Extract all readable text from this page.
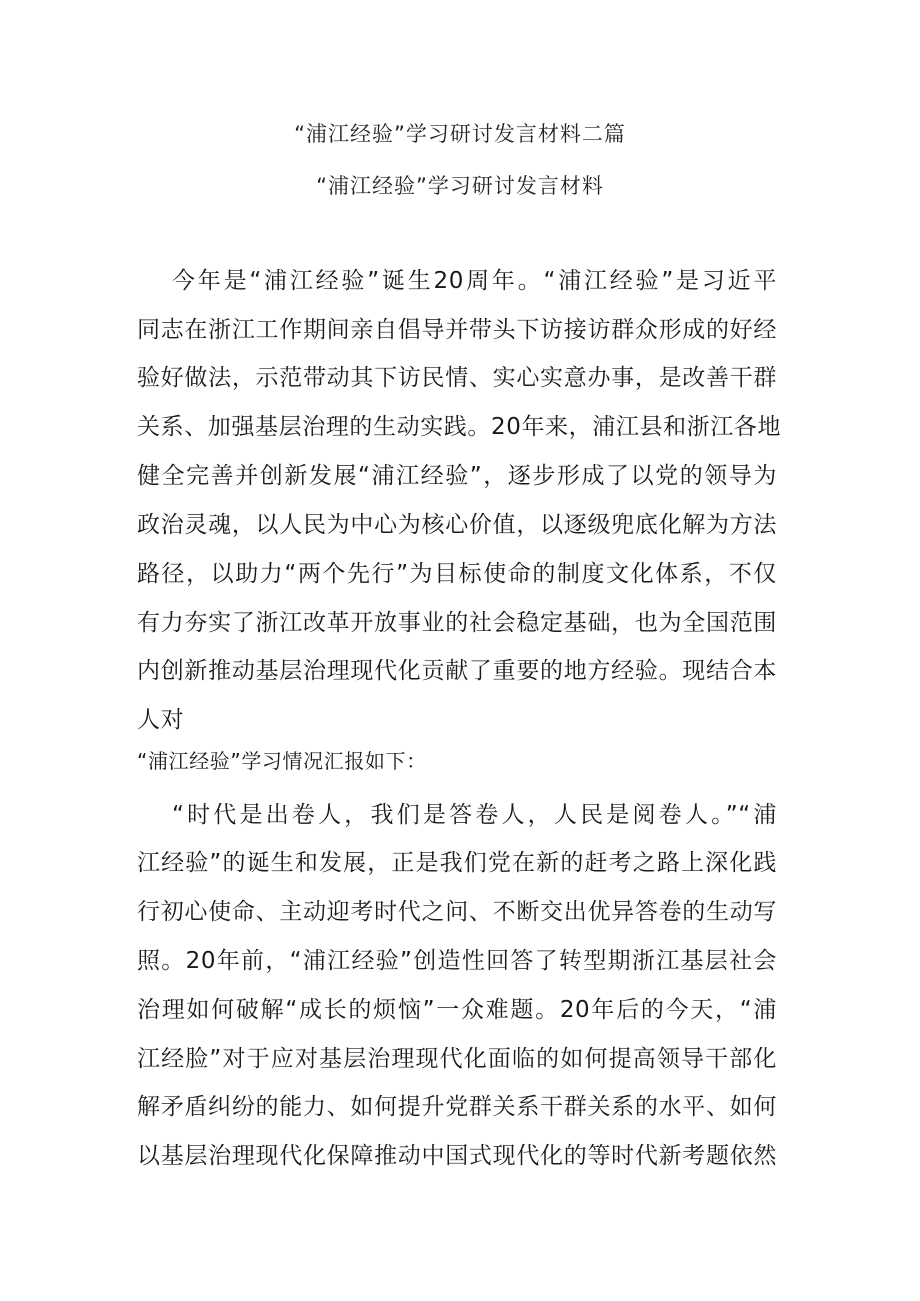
“浦江经验”学习研讨发言材料二篇
“浦江经验”学习研讨发言材料
今年是“浦江经验”诞生20周年。“浦江经验”是习近平
同志在浙江工作期间亲自倡导并带头下访接访群众形成的好经
验好做法，示范带动其下访民情、实心实意办事，是改善干群
关系、加强基层治理的生动实践。20年来，浦江县和浙江各地
健全完善并创新发展“浦江经验”，逐步形成了以党的领导为
政治灵魂，以人民为中心为核心价值，以逐级兜底化解为方法
路径，以助力“两个先行”为目标使命的制度文化体系，不仅
有力夯实了浙江改革开放事业的社会稳定基础，也为全国范围
内创新推动基层治理现代化贡献了重要的地方经验。现结合本
人对
“浦江经验”学习情况汇报如下：
“时代是出卷人，我们是答卷人，人民是阅卷人。”“浦
江经验”的诞生和发展，正是我们党在新的赶考之路上深化践
行初心使命、主动迎考时代之问、不断交出优异答卷的生动写
照。20年前，“浦江经验”创造性回答了转型期浙江基层社会
治理如何破解“成长的烦恼”一众难题。20年后的今天，“浦
江经脸”对于应对基层治理现代化面临的如何提高领导干部化
解矛盾纠纷的能力、如何提升党群关系干群关系的水平、如何
以基层治理现代化保障推动中国式现代化的等时代新考题依然
